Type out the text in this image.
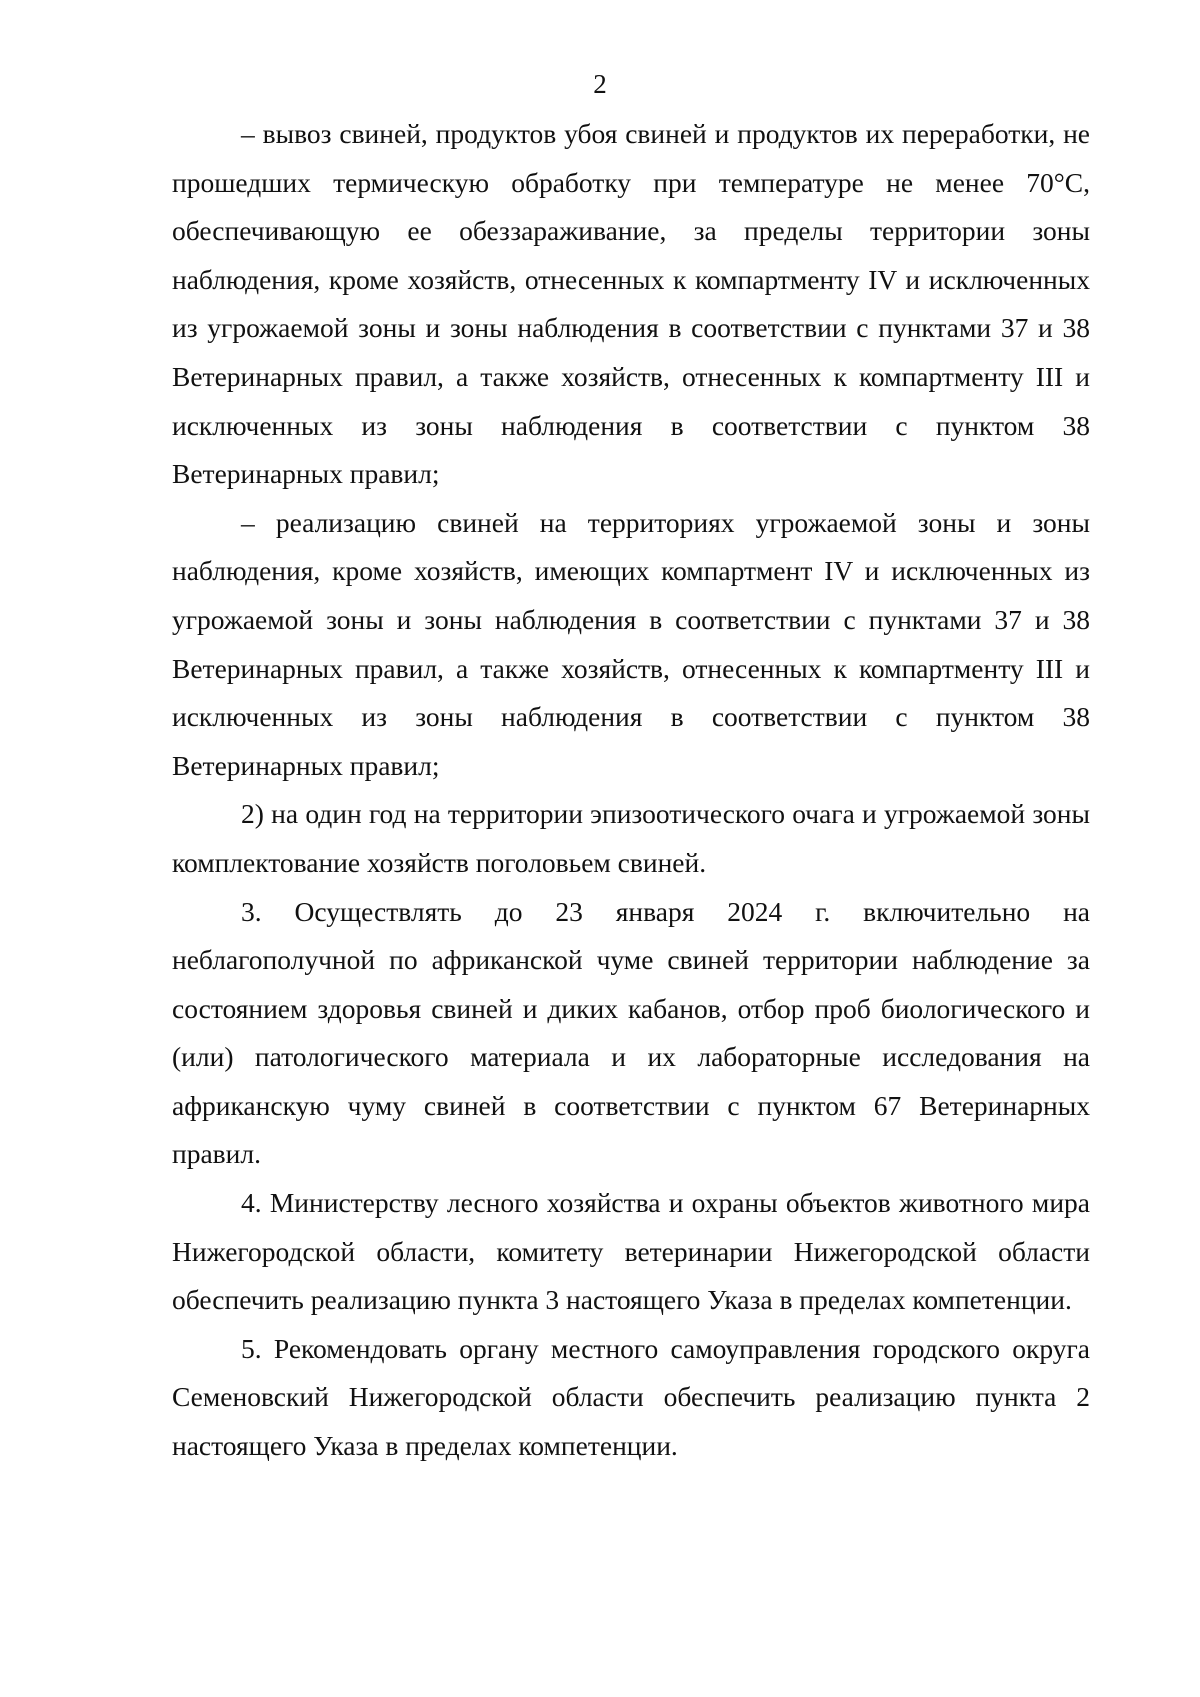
2

– вывоз свиней, продуктов убоя свиней и продуктов их переработки, не прошедших термическую обработку при температуре не менее 70°C, обеспечивающую ее обеззараживание, за пределы территории зоны наблюдения, кроме хозяйств, отнесенных к компартменту IV и исключенных из угрожаемой зоны и зоны наблюдения в соответствии с пунктами 37 и 38 Ветеринарных правил, а также хозяйств, отнесенных к компартменту III и исключенных из зоны наблюдения в соответствии с пунктом 38 Ветеринарных правил;

– реализацию свиней на территориях угрожаемой зоны и зоны наблюдения, кроме хозяйств, имеющих компартмент IV и исключенных из угрожаемой зоны и зоны наблюдения в соответствии с пунктами 37 и 38 Ветеринарных правил, а также хозяйств, отнесенных к компартменту III и исключенных из зоны наблюдения в соответствии с пунктом 38 Ветеринарных правил;

2) на один год на территории эпизоотического очага и угрожаемой зоны комплектование хозяйств поголовьем свиней.

3. Осуществлять до 23 января 2024 г. включительно на неблагополучной по африканской чуме свиней территории наблюдение за состоянием здоровья свиней и диких кабанов, отбор проб биологического и (или) патологического материала и их лабораторные исследования на африканскую чуму свиней в соответствии с пунктом 67 Ветеринарных правил.

4. Министерству лесного хозяйства и охраны объектов животного мира Нижегородской области, комитету ветеринарии Нижегородской области обеспечить реализацию пункта 3 настоящего Указа в пределах компетенции.

5. Рекомендовать органу местного самоуправления городского округа Семеновский Нижегородской области обеспечить реализацию пункта 2 настоящего Указа в пределах компетенции.
